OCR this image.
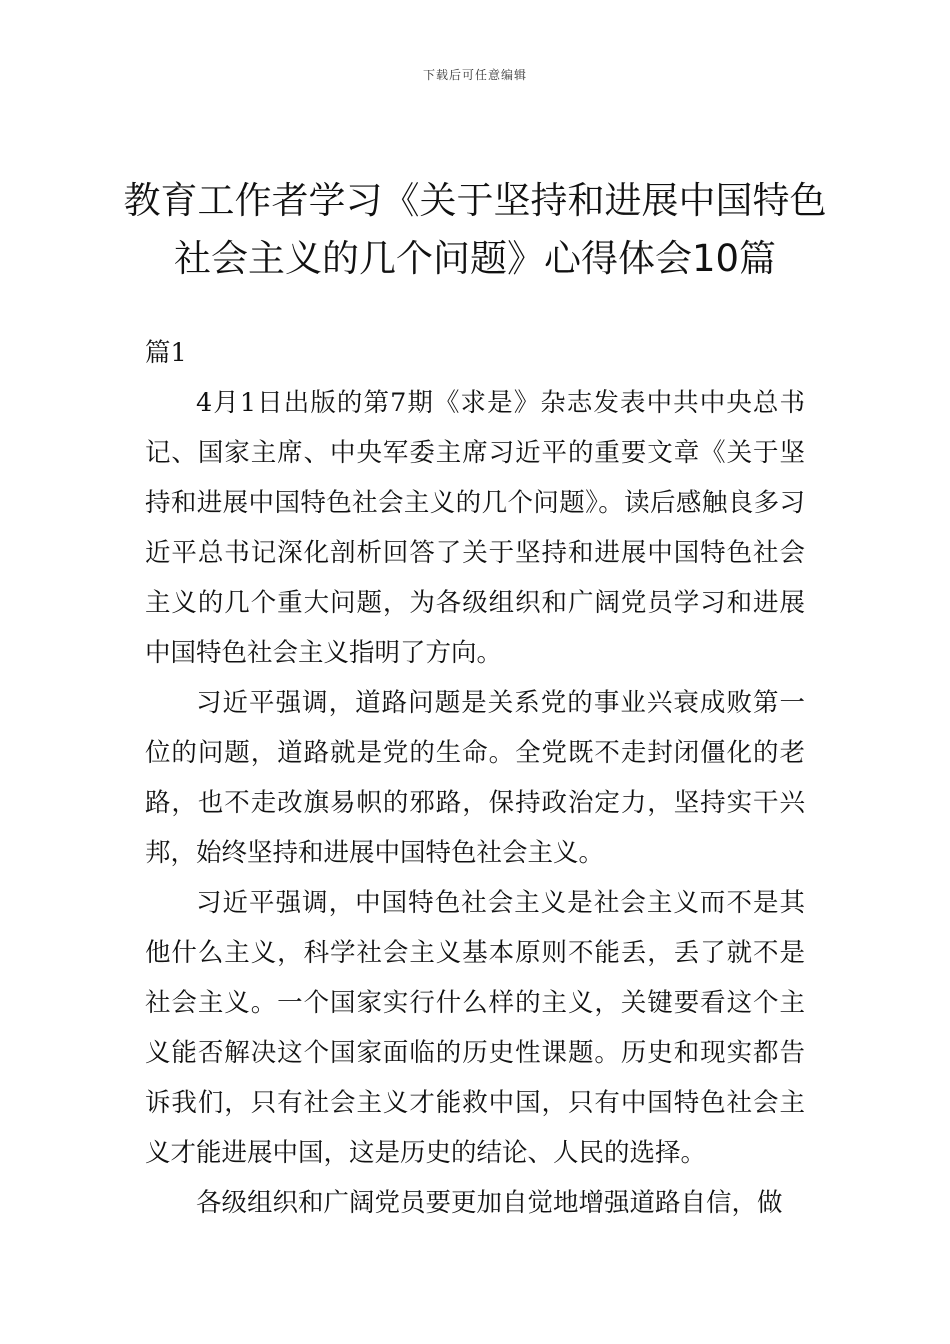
下载后可任意编辑
教育工作者学习《关于坚持和进展中国特色社会主义的几个问题》心得体会10篇

篇1

4月1日出版的第7期《求是》杂志发表中共中央总书记、国家主席、中央军委主席习近平的重要文章《关于坚持和进展中国特色社会主义的几个问题》。读后感触良多习近平总书记深化剖析回答了关于坚持和进展中国特色社会主义的几个重大问题，为各级组织和广阔党员学习和进展中国特色社会主义指明了方向。

习近平强调，道路问题是关系党的事业兴衰成败第一位的问题，道路就是党的生命。全党既不走封闭僵化的老路，也不走改旗易帜的邪路，保持政治定力，坚持实干兴邦，始终坚持和进展中国特色社会主义。

习近平强调，中国特色社会主义是社会主义而不是其他什么主义，科学社会主义基本原则不能丢，丢了就不是社会主义。一个国家实行什么样的主义，关键要看这个主义能否解决这个国家面临的历史性课题。历史和现实都告诉我们，只有社会主义才能救中国，只有中国特色社会主义才能进展中国，这是历史的结论、人民的选择。

各级组织和广阔党员要更加自觉地增强道路自信，做
